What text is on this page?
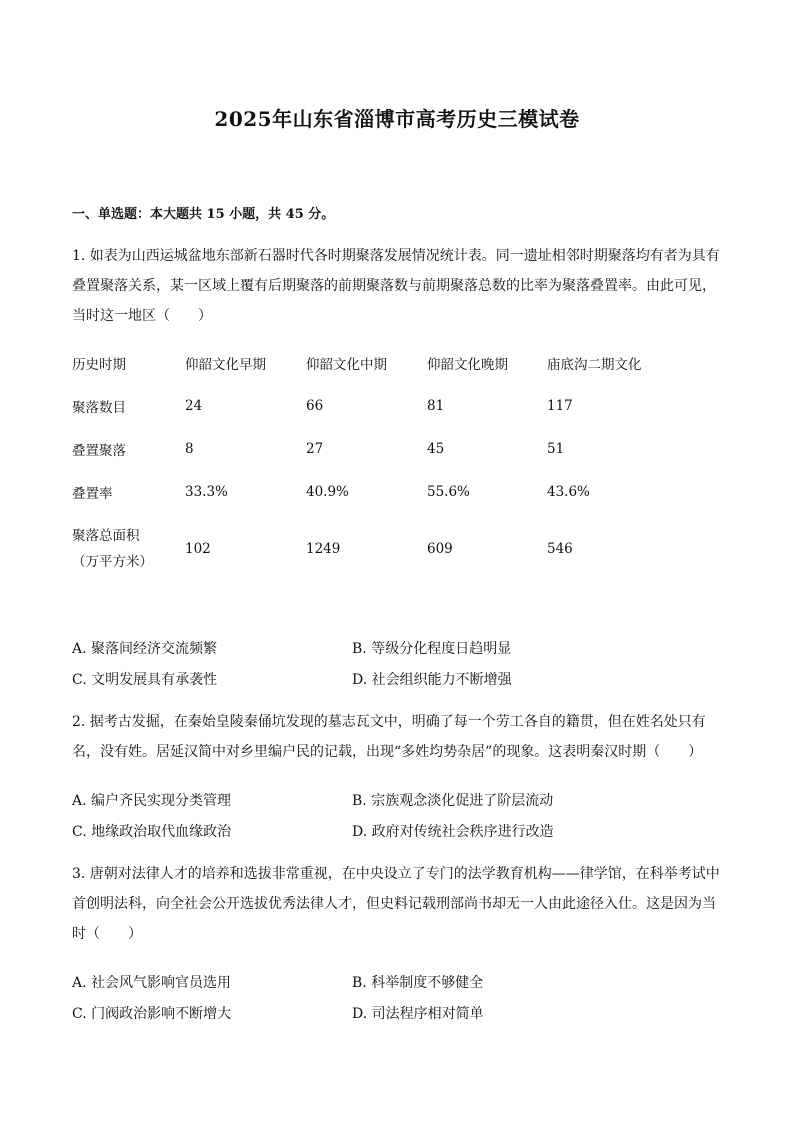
2025年山东省淄博市高考历史三模试卷
一、单选题：本大题共 15 小题，共 45 分。
1. 如表为山西运城盆地东部新石器时代各时期聚落发展情况统计表。同一遗址相邻时期聚落均有者为具有叠置聚落关系，某一区域上覆有后期聚落的前期聚落数与前期聚落总数的比率为聚落叠置率。由此可见，当时这一地区（　　）
历史时期	仰韶文化早期	仰韶文化中期	仰韶文化晚期	庙底沟二期文化
聚落数目	24	66	81	117
叠置聚落	8	27	45	51
叠置率	33.3%	40.9%	55.6%	43.6%
聚落总面积
（万平方米）	102	1249	609	546
A. 聚落间经济交流频繁	B. 等级分化程度日趋明显
C. 文明发展具有承袭性	D. 社会组织能力不断增强
2. 据考古发掘，在秦始皇陵秦俑坑发现的墓志瓦文中，明确了每一个劳工各自的籍贯，但在姓名处只有名，没有姓。居延汉简中对乡里编户民的记载，出现“多姓均势杂居”的现象。这表明秦汉时期（　　）
A. 编户齐民实现分类管理	B. 宗族观念淡化促进了阶层流动
C. 地缘政治取代血缘政治	D. 政府对传统社会秩序进行改造
3. 唐朝对法律人才的培养和选拔非常重视，在中央设立了专门的法学教育机构——律学馆，在科举考试中首创明法科，向全社会公开选拔优秀法律人才，但史料记载刑部尚书却无一人由此途径入仕。这是因为当时（　　）
A. 社会风气影响官员选用	B. 科举制度不够健全
C. 门阀政治影响不断增大	D. 司法程序相对简单
